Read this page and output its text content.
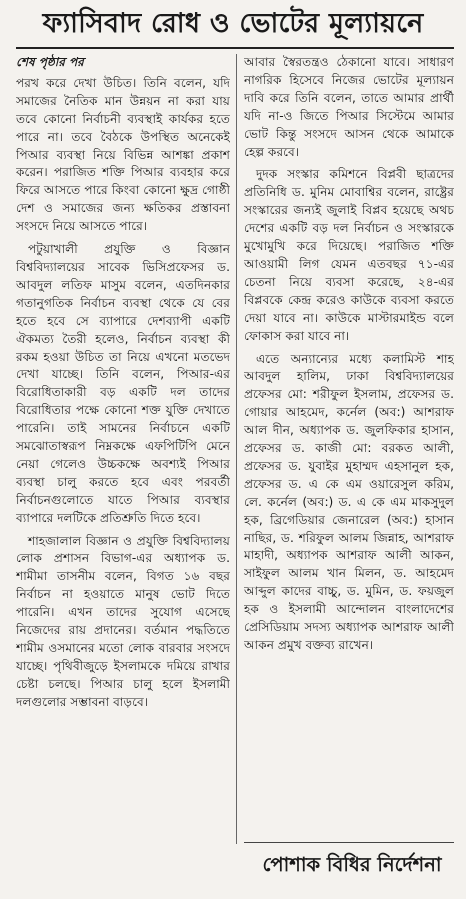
ফ্যাসিবাদ রোধ ও ভোটের মূল্যায়নে
শেষ পৃষ্ঠার পর

পরখ করে দেখা উচিত। তিনি বলেন, যদি সমাজের নৈতিক মান উন্নয়ন না করা যায় তবে কোনো নির্বাচনী ব্যবস্থাই কার্যকর হতে পারে না। তবে বৈঠকে উপস্থিত অনেকেই পিআর ব্যবস্থা নিয়ে বিভিন্ন আশঙ্কা প্রকাশ করেন। পরাজিত শক্তি পিআর ব্যবহার করে ফিরে আসতে পারে কিংবা কোনো ক্ষুদ্র গোষ্ঠী দেশ ও সমাজের জন্য ক্ষতিকর প্রস্তাবনা সংসদে নিয়ে আসতে পারে।

পটুয়াখালী প্রযুক্তি ও বিজ্ঞান বিশ্ববিদ্যালয়ের সাবেক ভিসিপ্রফেসর ড. আবদুল লতিফ মাসুম বলেন, এতদিনকার গতানুগতিক নির্বাচন ব্যবস্থা থেকে যে বের হতে হবে সে ব্যাপারে দেশব্যাপী একটি ঐকমত্য তৈরী হলেও, নির্বাচন ব্যবস্থা কী রকম হওয়া উচিত তা নিয়ে এখনো মতভেদ দেখা যাচ্ছে। তিনি বলেন, পিআর-এর বিরোধিতাকারী বড় একটি দল তাদের বিরোধিতার পক্ষে কোনো শক্ত যুক্তি দেখাতে পারেনি। তাই সামনের নির্বাচনে একটি সমঝোতাস্বরূপ নিম্নকক্ষে এফপিটিপি মেনে নেয়া গেলেও উচ্চকক্ষে অবশ্যই পিআর ব্যবস্থা চালু করতে হবে এবং পরবর্তী নির্বাচনগুলোতে যাতে পিআর ব্যবস্থার ব্যাপারে দলটিকে প্রতিশ্রুতি দিতে হবে।

শাহজালাল বিজ্ঞান ও প্রযুক্তি বিশ্ববিদ্যালয় লোক প্রশাসন বিভাগ-এর অধ্যাপক ড. শামীমা তাসনীম বলেন, বিগত ১৬ বছর নির্বাচন না হওয়াতে মানুষ ভোট দিতে পারেনি। এখন তাদের সুযোগ এসেছে নিজেদের রায় প্রদানের। বর্তমান পদ্ধতিতে শামীম ওসমানের মতো লোক বারবার সংসদে যাচ্ছে। পৃথিবীজুড়ে ইসলামকে দমিয়ে রাখার চেষ্টা চলছে। পিআর চালু হলে ইসলামী দলগুলোর সম্ভাবনা বাড়বে।

আবার স্বৈরতন্ত্রও ঠেকানো যাবে। সাধারণ নাগরিক হিসেবে নিজের ভোটের মূল্যায়ন দাবি করে তিনি বলেন, তাতে আমার প্রার্থী যদি না-ও জিতে পিআর সিস্টেমে আমার ভোট কিন্তু সংসদে আসন থেকে আমাকে হেল্প করবে।

দুদক সংস্কার কমিশনে বিপ্লবী ছাত্রদের প্রতিনিধি ড. মুনিম মোবাশ্বির বলেন, রাষ্ট্রের সংস্কারের জন্যই জুলাই বিপ্লব হয়েছে অথচ দেশের একটি বড় দল নির্বাচন ও সংস্কারকে মুখোমুখি করে দিয়েছে। পরাজিত শক্তি আওয়ামী লিগ যেমন এতবছর ৭১-এর চেতনা নিয়ে ব্যবসা করেছে, ২৪-এর বিপ্লবকে কেন্দ্র করেও কাউকে ব্যবসা করতে দেয়া যাবে না। কাউকে মাস্টারমাইন্ড বলে ফোকাস করা যাবে না।

এতে অন্যান্যের মধ্যে কলামিস্ট শাহ আবদুল হালিম, ঢাকা বিশ্ববিদ্যালয়ের প্রফেসর মো: শরীফুল ইসলাম, প্রফেসর ড. গোয়ার আহমেদ, কর্নেল (অব:) আশরাফ আল দীন, অধ্যাপক ড. জুলফিকার হাসান, প্রফেসর ড. কাজী মো: বরকত আলী, প্রফেসর ড. যুবাইর মুহাম্মদ এহসানুল হক, প্রফেসর ড. এ কে এম ওয়ারেসুল করিম, লে. কর্নেল (অব:) ড. এ কে এম মাকসুদুল হক, ব্রিগেডিয়ার জেনারেল (অব:) হাসান নাছির, ড. শরিফুল আলম জিন্নাহ, আশরাফ মাহাদী, অধ্যাপক আশরাফ আলী আকন, সাইফুল আলম খান মিলন, ড. আহমেদ আব্দুল কাদের বাচ্চু, ড. মুমিন, ড. ফয়জুল হক ও ইসলামী আন্দোলন বাংলাদেশের প্রেসিডিয়াম সদস্য অধ্যাপক আশরাফ আলী আকন প্রমুখ বক্তব্য রাখেন।

পোশাক বিধির নির্দেশনা
